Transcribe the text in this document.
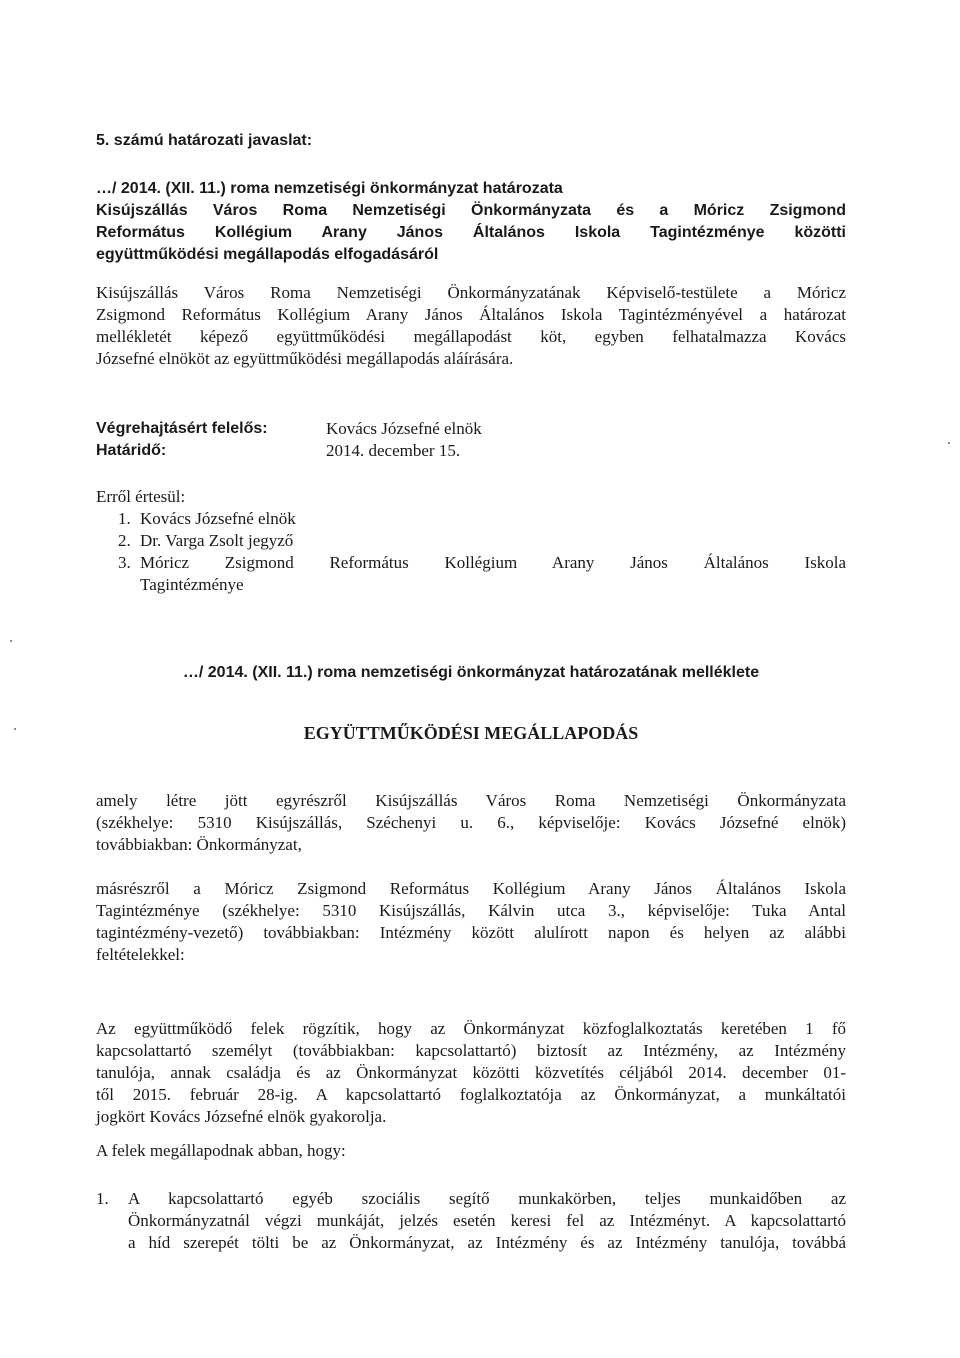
5. számú határozati javaslat:
…/ 2014. (XII. 11.) roma nemzetiségi önkormányzat határozata
Kisújszállás Város Roma Nemzetiségi Önkormányzata és a Móricz Zsigmond
Református Kollégium Arany János Általános Iskola Tagintézménye közötti
együttműködési megállapodás elfogadásáról
Kisújszállás Város Roma Nemzetiségi Önkormányzatának Képviselő-testülete a Móricz
Zsigmond Református Kollégium Arany János Általános Iskola Tagintézményével a határozat
mellékletét képező együttműködési megállapodást köt, egyben felhatalmazza Kovács
Józsefné elnököt az együttműködési megállapodás aláírására.
Végrehajtásért felelős:	Kovács Józsefné elnök
Határidő:	2014. december 15.
Erről értesül:
1. Kovács Józsefné elnök
2. Dr. Varga Zsolt jegyző
3. Móricz Zsigmond Református Kollégium Arany János Általános Iskola
Tagintézménye
…/ 2014. (XII. 11.) roma nemzetiségi önkormányzat határozatának melléklete
EGYÜTTMŰKÖDÉSI MEGÁLLAPODÁS
amely létre jött egyrészről Kisújszállás Város Roma Nemzetiségi Önkormányzata
(székhelye: 5310 Kisújszállás, Széchenyi u. 6., képviselője: Kovács Józsefné elnök)
továbbiakban: Önkormányzat,
másrészről a Móricz Zsigmond Református Kollégium Arany János Általános Iskola
Tagintézménye (székhelye: 5310 Kisújszállás, Kálvin utca 3., képviselője: Tuka Antal
tagintézmény-vezető) továbbiakban: Intézmény között alulírott napon és helyen az alábbi
feltételekkel:
Az együttműködő felek rögzítik, hogy az Önkormányzat közfoglalkoztatás keretében 1 fő
kapcsolattartó személyt (továbbiakban: kapcsolattartó) biztosít az Intézmény, az Intézmény
tanulója, annak családja és az Önkormányzat közötti közvetítés céljából 2014. december 01-
től 2015. február 28-ig. A kapcsolattartó foglalkoztatója az Önkormányzat, a munkáltatói
jogkört Kovács Józsefné elnök gyakorolja.
A felek megállapodnak abban, hogy:
1.	A kapcsolattartó egyéb szociális segítő munkakörben, teljes munkaidőben az
Önkormányzatnál végzi munkáját, jelzés esetén keresi fel az Intézményt. A kapcsolattartó
a híd szerepét tölti be az Önkormányzat, az Intézmény és az Intézmény tanulója, továbbá
